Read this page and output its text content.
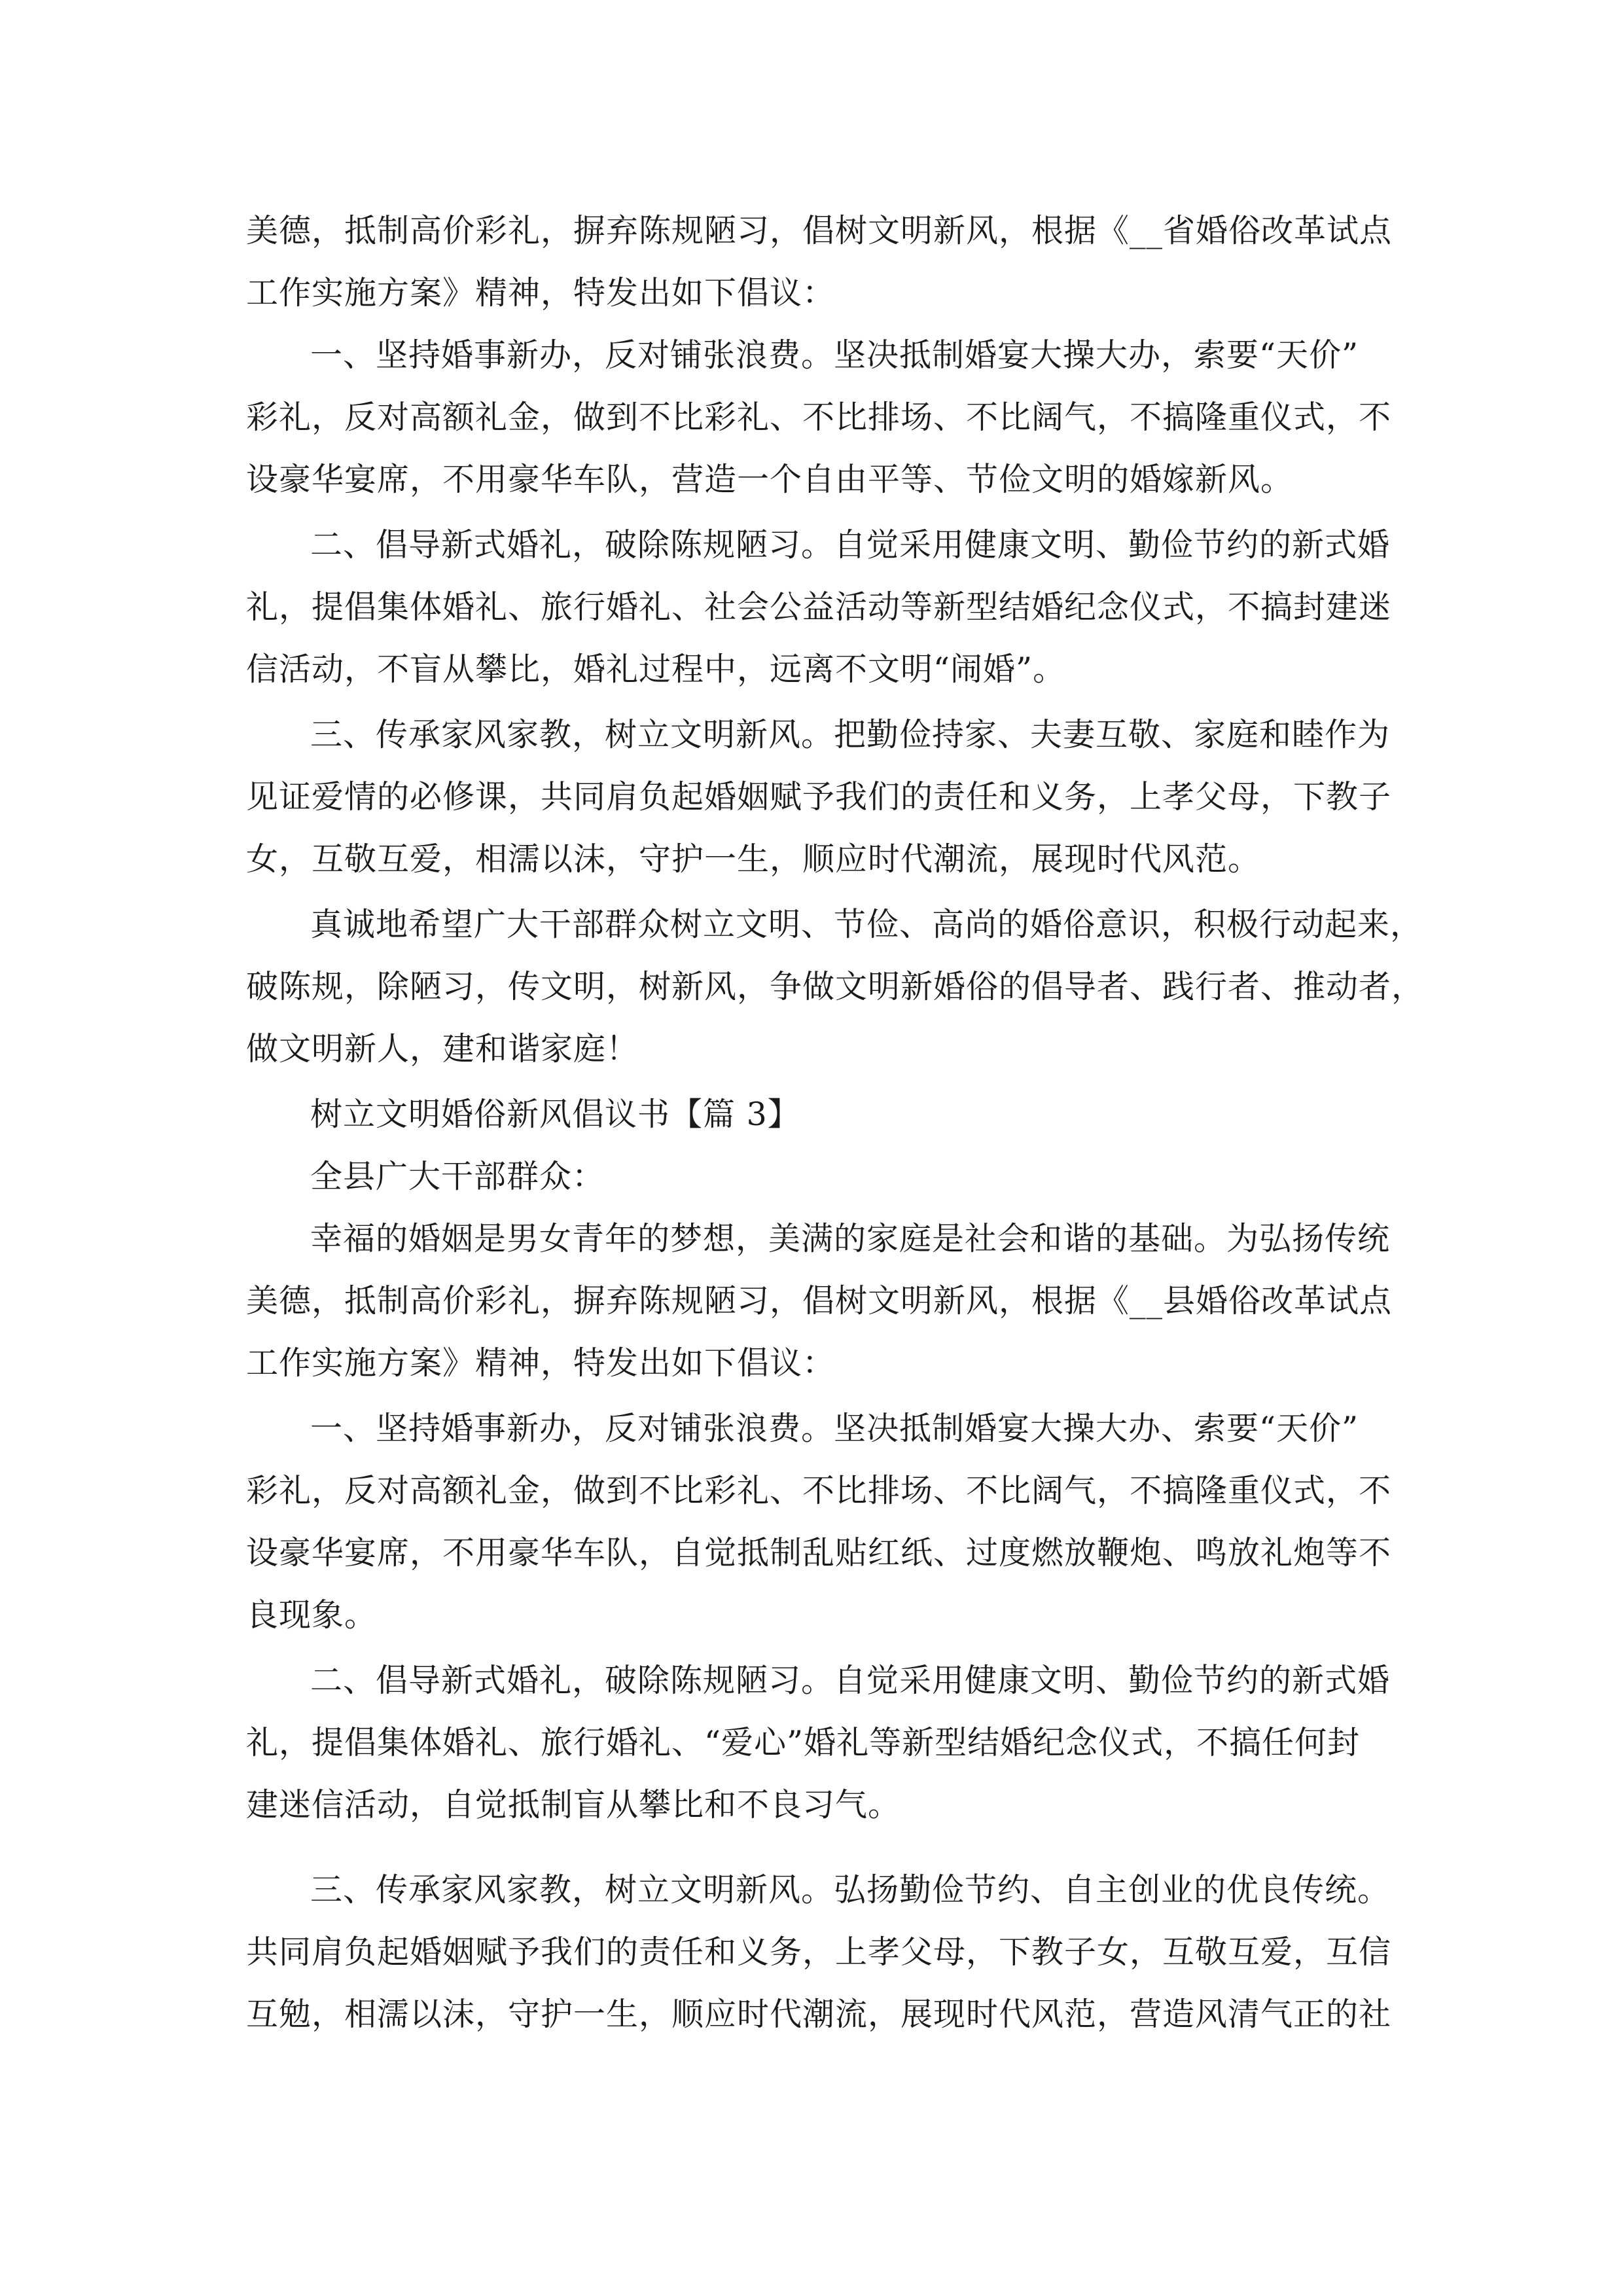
美德，抵制高价彩礼，摒弃陈规陋习，倡树文明新风，根据《__省婚俗改革试点
工作实施方案》精神，特发出如下倡议：
一、坚持婚事新办，反对铺张浪费。坚决抵制婚宴大操大办，索要“天价”
彩礼，反对高额礼金，做到不比彩礼、不比排场、不比阔气，不搞隆重仪式，不
设豪华宴席，不用豪华车队，营造一个自由平等、节俭文明的婚嫁新风。
二、倡导新式婚礼，破除陈规陋习。自觉采用健康文明、勤俭节约的新式婚
礼，提倡集体婚礼、旅行婚礼、社会公益活动等新型结婚纪念仪式，不搞封建迷
信活动，不盲从攀比，婚礼过程中，远离不文明“闹婚”。
三、传承家风家教，树立文明新风。把勤俭持家、夫妻互敬、家庭和睦作为
见证爱情的必修课，共同肩负起婚姻赋予我们的责任和义务，上孝父母，下教子
女，互敬互爱，相濡以沫，守护一生，顺应时代潮流，展现时代风范。
真诚地希望广大干部群众树立文明、节俭、高尚的婚俗意识，积极行动起来，
破陈规，除陋习，传文明，树新风，争做文明新婚俗的倡导者、践行者、推动者，
做文明新人，建和谐家庭！
树立文明婚俗新风倡议书【篇 3】
全县广大干部群众：
幸福的婚姻是男女青年的梦想，美满的家庭是社会和谐的基础。为弘扬传统
美德，抵制高价彩礼，摒弃陈规陋习，倡树文明新风，根据《__县婚俗改革试点
工作实施方案》精神，特发出如下倡议：
一、坚持婚事新办，反对铺张浪费。坚决抵制婚宴大操大办、索要“天价”
彩礼，反对高额礼金，做到不比彩礼、不比排场、不比阔气，不搞隆重仪式，不
设豪华宴席，不用豪华车队，自觉抵制乱贴红纸、过度燃放鞭炮、鸣放礼炮等不
良现象。
二、倡导新式婚礼，破除陈规陋习。自觉采用健康文明、勤俭节约的新式婚
礼，提倡集体婚礼、旅行婚礼、“爱心”婚礼等新型结婚纪念仪式，不搞任何封
建迷信活动，自觉抵制盲从攀比和不良习气。
三、传承家风家教，树立文明新风。弘扬勤俭节约、自主创业的优良传统。
共同肩负起婚姻赋予我们的责任和义务，上孝父母，下教子女，互敬互爱，互信
互勉，相濡以沫，守护一生，顺应时代潮流，展现时代风范，营造风清气正的社
